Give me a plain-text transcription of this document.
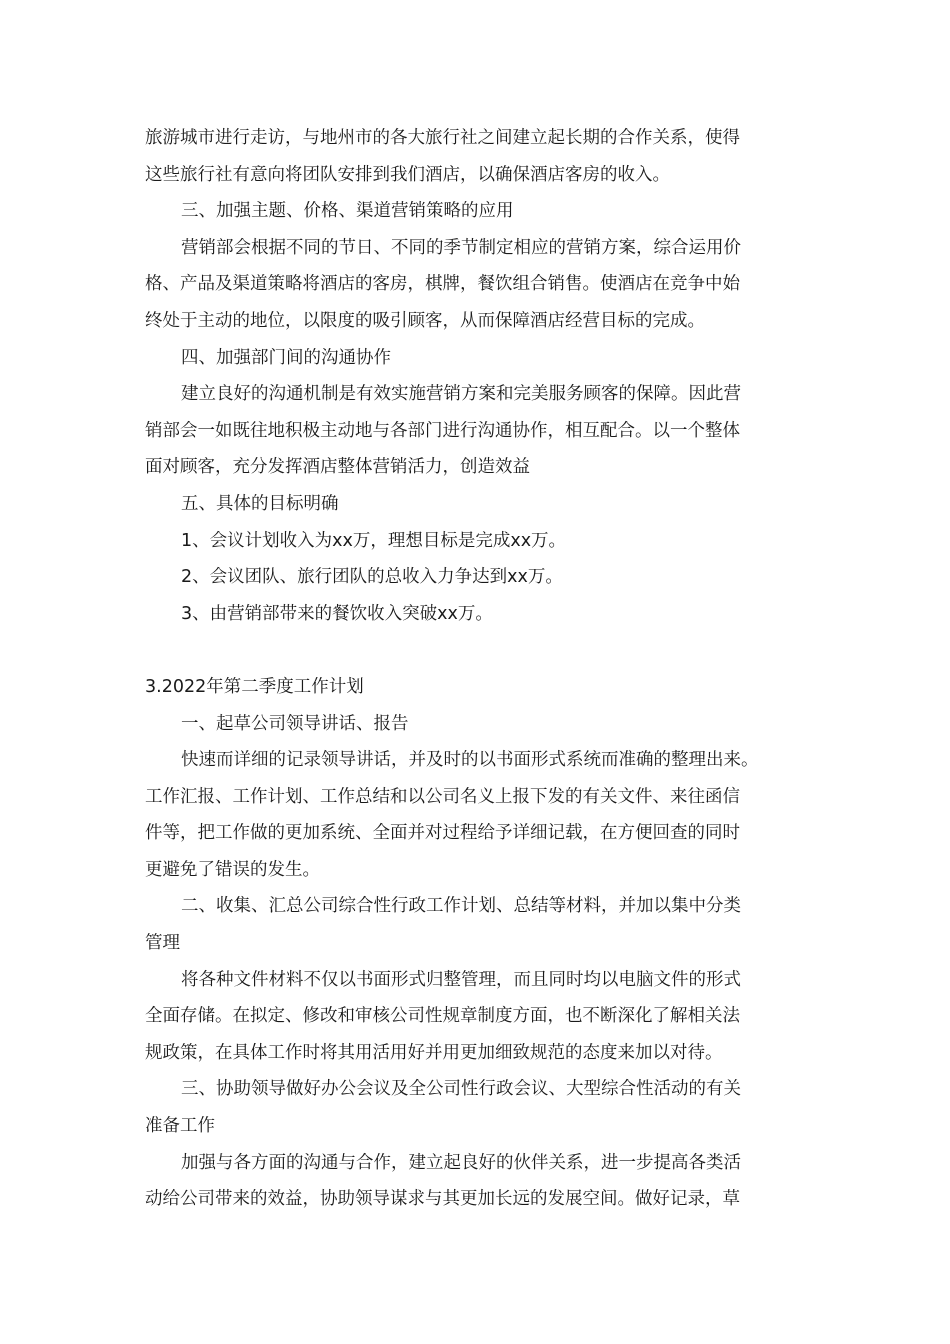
旅游城市进行走访，与地州市的各大旅行社之间建立起长期的合作关系，使得
这些旅行社有意向将团队安排到我们酒店，以确保酒店客房的收入。
三、加强主题、价格、渠道营销策略的应用
营销部会根据不同的节日、不同的季节制定相应的营销方案，综合运用价
格、产品及渠道策略将酒店的客房，棋牌，餐饮组合销售。使酒店在竞争中始
终处于主动的地位，以限度的吸引顾客，从而保障酒店经营目标的完成。
四、加强部门间的沟通协作
建立良好的沟通机制是有效实施营销方案和完美服务顾客的保障。因此营
销部会一如既往地积极主动地与各部门进行沟通协作，相互配合。以一个整体
面对顾客，充分发挥酒店整体营销活力，创造效益
五、具体的目标明确
1、会议计划收入为xx万，理想目标是完成xx万。
2、会议团队、旅行团队的总收入力争达到xx万。
3、由营销部带来的餐饮收入突破xx万。
3.2022年第二季度工作计划
一、起草公司领导讲话、报告
快速而详细的记录领导讲话，并及时的以书面形式系统而准确的整理出来。
工作汇报、工作计划、工作总结和以公司名义上报下发的有关文件、来往函信
件等，把工作做的更加系统、全面并对过程给予详细记载，在方便回查的同时
更避免了错误的发生。
二、收集、汇总公司综合性行政工作计划、总结等材料，并加以集中分类
管理
将各种文件材料不仅以书面形式归整管理，而且同时均以电脑文件的形式
全面存储。在拟定、修改和审核公司性规章制度方面，也不断深化了解相关法
规政策，在具体工作时将其用活用好并用更加细致规范的态度来加以对待。
三、协助领导做好办公会议及全公司性行政会议、大型综合性活动的有关
准备工作
加强与各方面的沟通与合作，建立起良好的伙伴关系，进一步提高各类活
动给公司带来的效益，协助领导谋求与其更加长远的发展空间。做好记录，草
